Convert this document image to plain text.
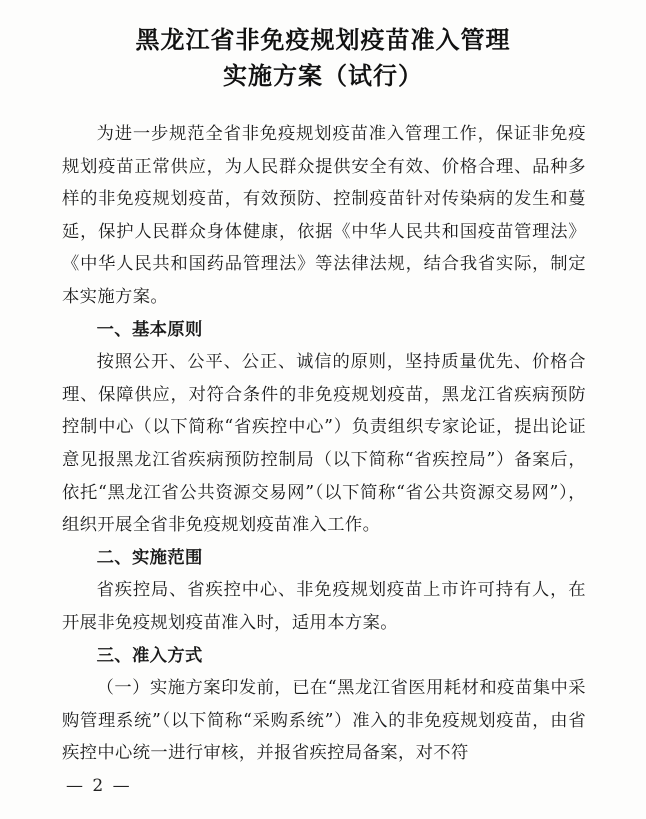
黑龙江省非免疫规划疫苗准入管理
实施方案（试行）

为进一步规范全省非免疫规划疫苗准入管理工作，保证非免疫规划疫苗正常供应，为人民群众提供安全有效、价格合理、品种多样的非免疫规划疫苗，有效预防、控制疫苗针对传染病的发生和蔓延，保护人民群众身体健康，依据《中华人民共和国疫苗管理法》《中华人民共和国药品管理法》等法律法规，结合我省实际，制定本实施方案。

一、基本原则

按照公开、公平、公正、诚信的原则，坚持质量优先、价格合理、保障供应，对符合条件的非免疫规划疫苗，黑龙江省疾病预防控制中心（以下简称“省疾控中心”）负责组织专家论证，提出论证意见报黑龙江省疾病预防控制局（以下简称“省疾控局”）备案后，依托“黑龙江省公共资源交易网”（以下简称“省公共资源交易网”），组织开展全省非免疫规划疫苗准入工作。

二、实施范围

省疾控局、省疾控中心、非免疫规划疫苗上市许可持有人，在开展非免疫规划疫苗准入时，适用本方案。

三、准入方式

（一）实施方案印发前，已在“黑龙江省医用耗材和疫苗集中采购管理系统”（以下简称“采购系统”）准入的非免疫规划疫苗，由省疾控中心统一进行审核，并报省疾控局备案，对不符

— 2 —
